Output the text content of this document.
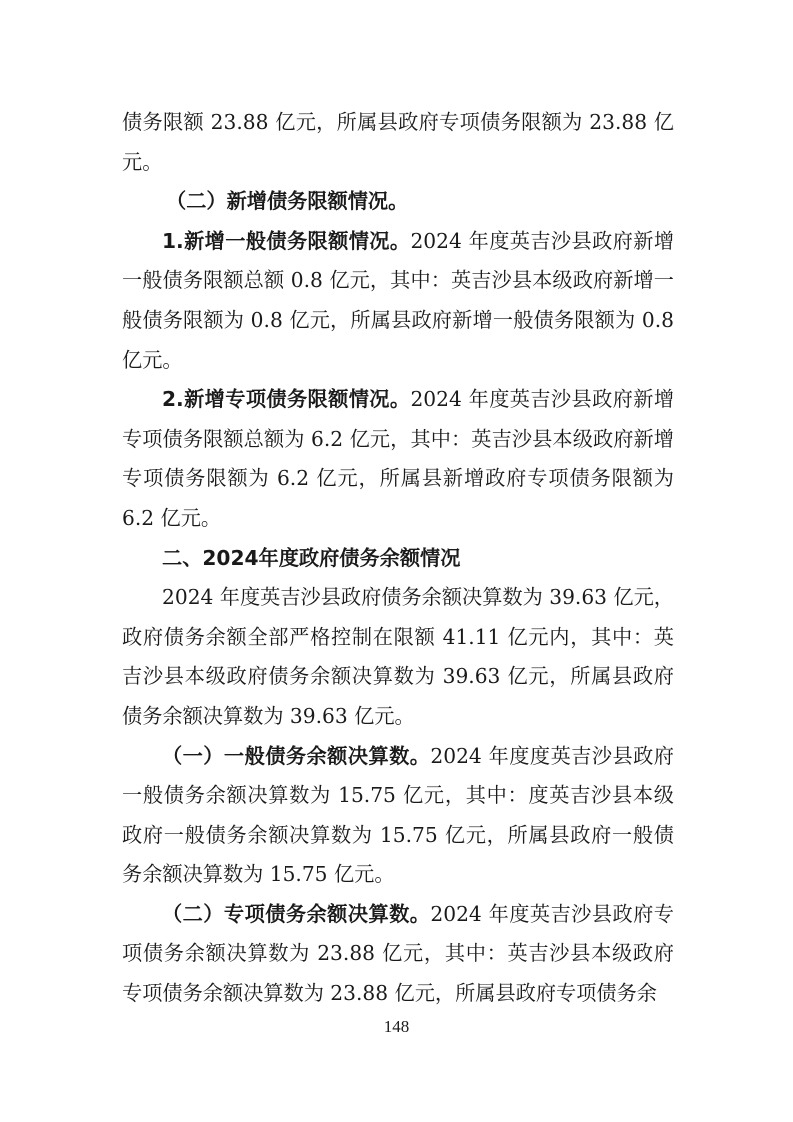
债务限额 23.88 亿元，所属县政府专项债务限额为 23.88 亿元。

（二）新增债务限额情况。

1.新增一般债务限额情况。2024 年度英吉沙县政府新增一般债务限额总额 0.8 亿元，其中：英吉沙县本级政府新增一般债务限额为 0.8 亿元，所属县政府新增一般债务限额为 0.8 亿元。

2.新增专项债务限额情况。2024 年度英吉沙县政府新增专项债务限额总额为 6.2 亿元，其中：英吉沙县本级政府新增专项债务限额为 6.2 亿元，所属县新增政府专项债务限额为 6.2 亿元。

二、2024年度政府债务余额情况

2024 年度英吉沙县政府债务余额决算数为 39.63 亿元，政府债务余额全部严格控制在限额 41.11 亿元内，其中：英吉沙县本级政府债务余额决算数为 39.63 亿元，所属县政府债务余额决算数为 39.63 亿元。

（一）一般债务余额决算数。2024 年度度英吉沙县政府一般债务余额决算数为 15.75 亿元，其中：度英吉沙县本级政府一般债务余额决算数为 15.75 亿元，所属县政府一般债务余额决算数为 15.75 亿元。

（二）专项债务余额决算数。2024 年度英吉沙县政府专项债务余额决算数为 23.88 亿元，其中：英吉沙县本级政府专项债务余额决算数为 23.88 亿元，所属县政府专项债务余

148
